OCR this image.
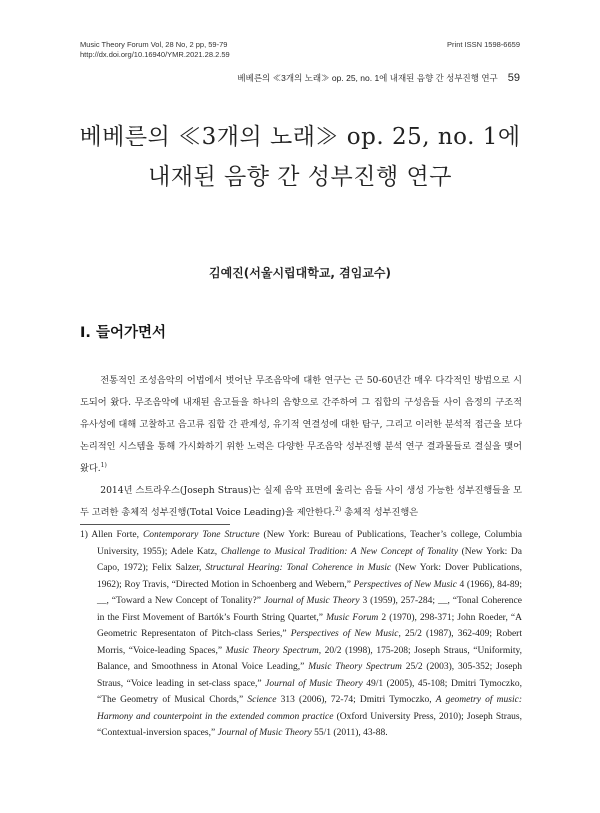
Music Theory Forum Vol, 28 No, 2 pp, 59-79
http://dx.doi.org/10.16940/YMR.2021.28.2.59
Print ISSN 1598-6659
베베른의 ≪3개의 노래≫ op. 25, no. 1에 내재된 음향 간 성부진행 연구 59
베베른의 ≪3개의 노래≫ op. 25, no. 1에
내재된 음향 간 성부진행 연구
김예진(서울시립대학교, 겸임교수)
I. 들어가면서

전통적인 조성음악의 어법에서 벗어난 무조음악에 대한 연구는 근 50-60년간 매우 다각적인 방법으로 시도되어 왔다. 무조음악에 내재된 음고들을 하나의 음향으로 간주하여 그 집합의 구성음들 사이 음정의 구조적 유사성에 대해 고찰하고 음고류 집합 간 관계성, 유기적 연결성에 대한 탐구, 그리고 이러한 분석적 접근을 보다 논리적인 시스템을 통해 가시화하기 위한 노력은 다양한 무조음악 성부진행 분석 연구 결과물들로 결실을 맺어왔다.$^{1)}$

2014년 스트라우스(Joseph Straus)는 실제 음악 표면에 울리는 음들 사이 생성 가능한 성부진행들을 모두 고려한 총체적 성부진행(Total Voice Leading)을 제안한다.$^{2)}$ 총체적 성부진행은

1) Allen Forte, Contemporary Tone Structure (New York: Bureau of Publications, Teacher’s college, Columbia University, 1955); Adele Katz, Challenge to Musical Tradition: A New Concept of Tonality (New York: Da Capo, 1972); Felix Salzer, Structural Hearing: Tonal Coherence in Music (New York: Dover Publications, 1962); Roy Travis, “Directed Motion in Schoenberg and Webern,” Perspectives of New Music 4 (1966), 84-89; __, “Toward a New Concept of Tonality?” Journal of Music Theory 3 (1959), 257-284; __, “Tonal Coherence in the First Movement of Bartók’s Fourth String Quartet,” Music Forum 2 (1970), 298-371; John Roeder, “A Geometric Representaton of Pitch-class Series,” Perspectives of New Music, 25/2 (1987), 362-409; Robert Morris, “Voice-leading Spaces,” Music Theory Spectrum, 20/2 (1998), 175-208; Joseph Straus, “Uniformity, Balance, and Smoothness in Atonal Voice Leading,” Music Theory Spectrum 25/2 (2003), 305-352; Joseph Straus, “Voice leading in set-class space,” Journal of Music Theory 49/1 (2005), 45-108; Dmitri Tymoczko, “The Geometry of Musical Chords,” Science 313 (2006), 72-74; Dmitri Tymoczko, A geometry of music: Harmony and counterpoint in the extended common practice (Oxford University Press, 2010); Joseph Straus, “Contextual-inversion spaces,” Journal of Music Theory 55/1 (2011), 43-88.
